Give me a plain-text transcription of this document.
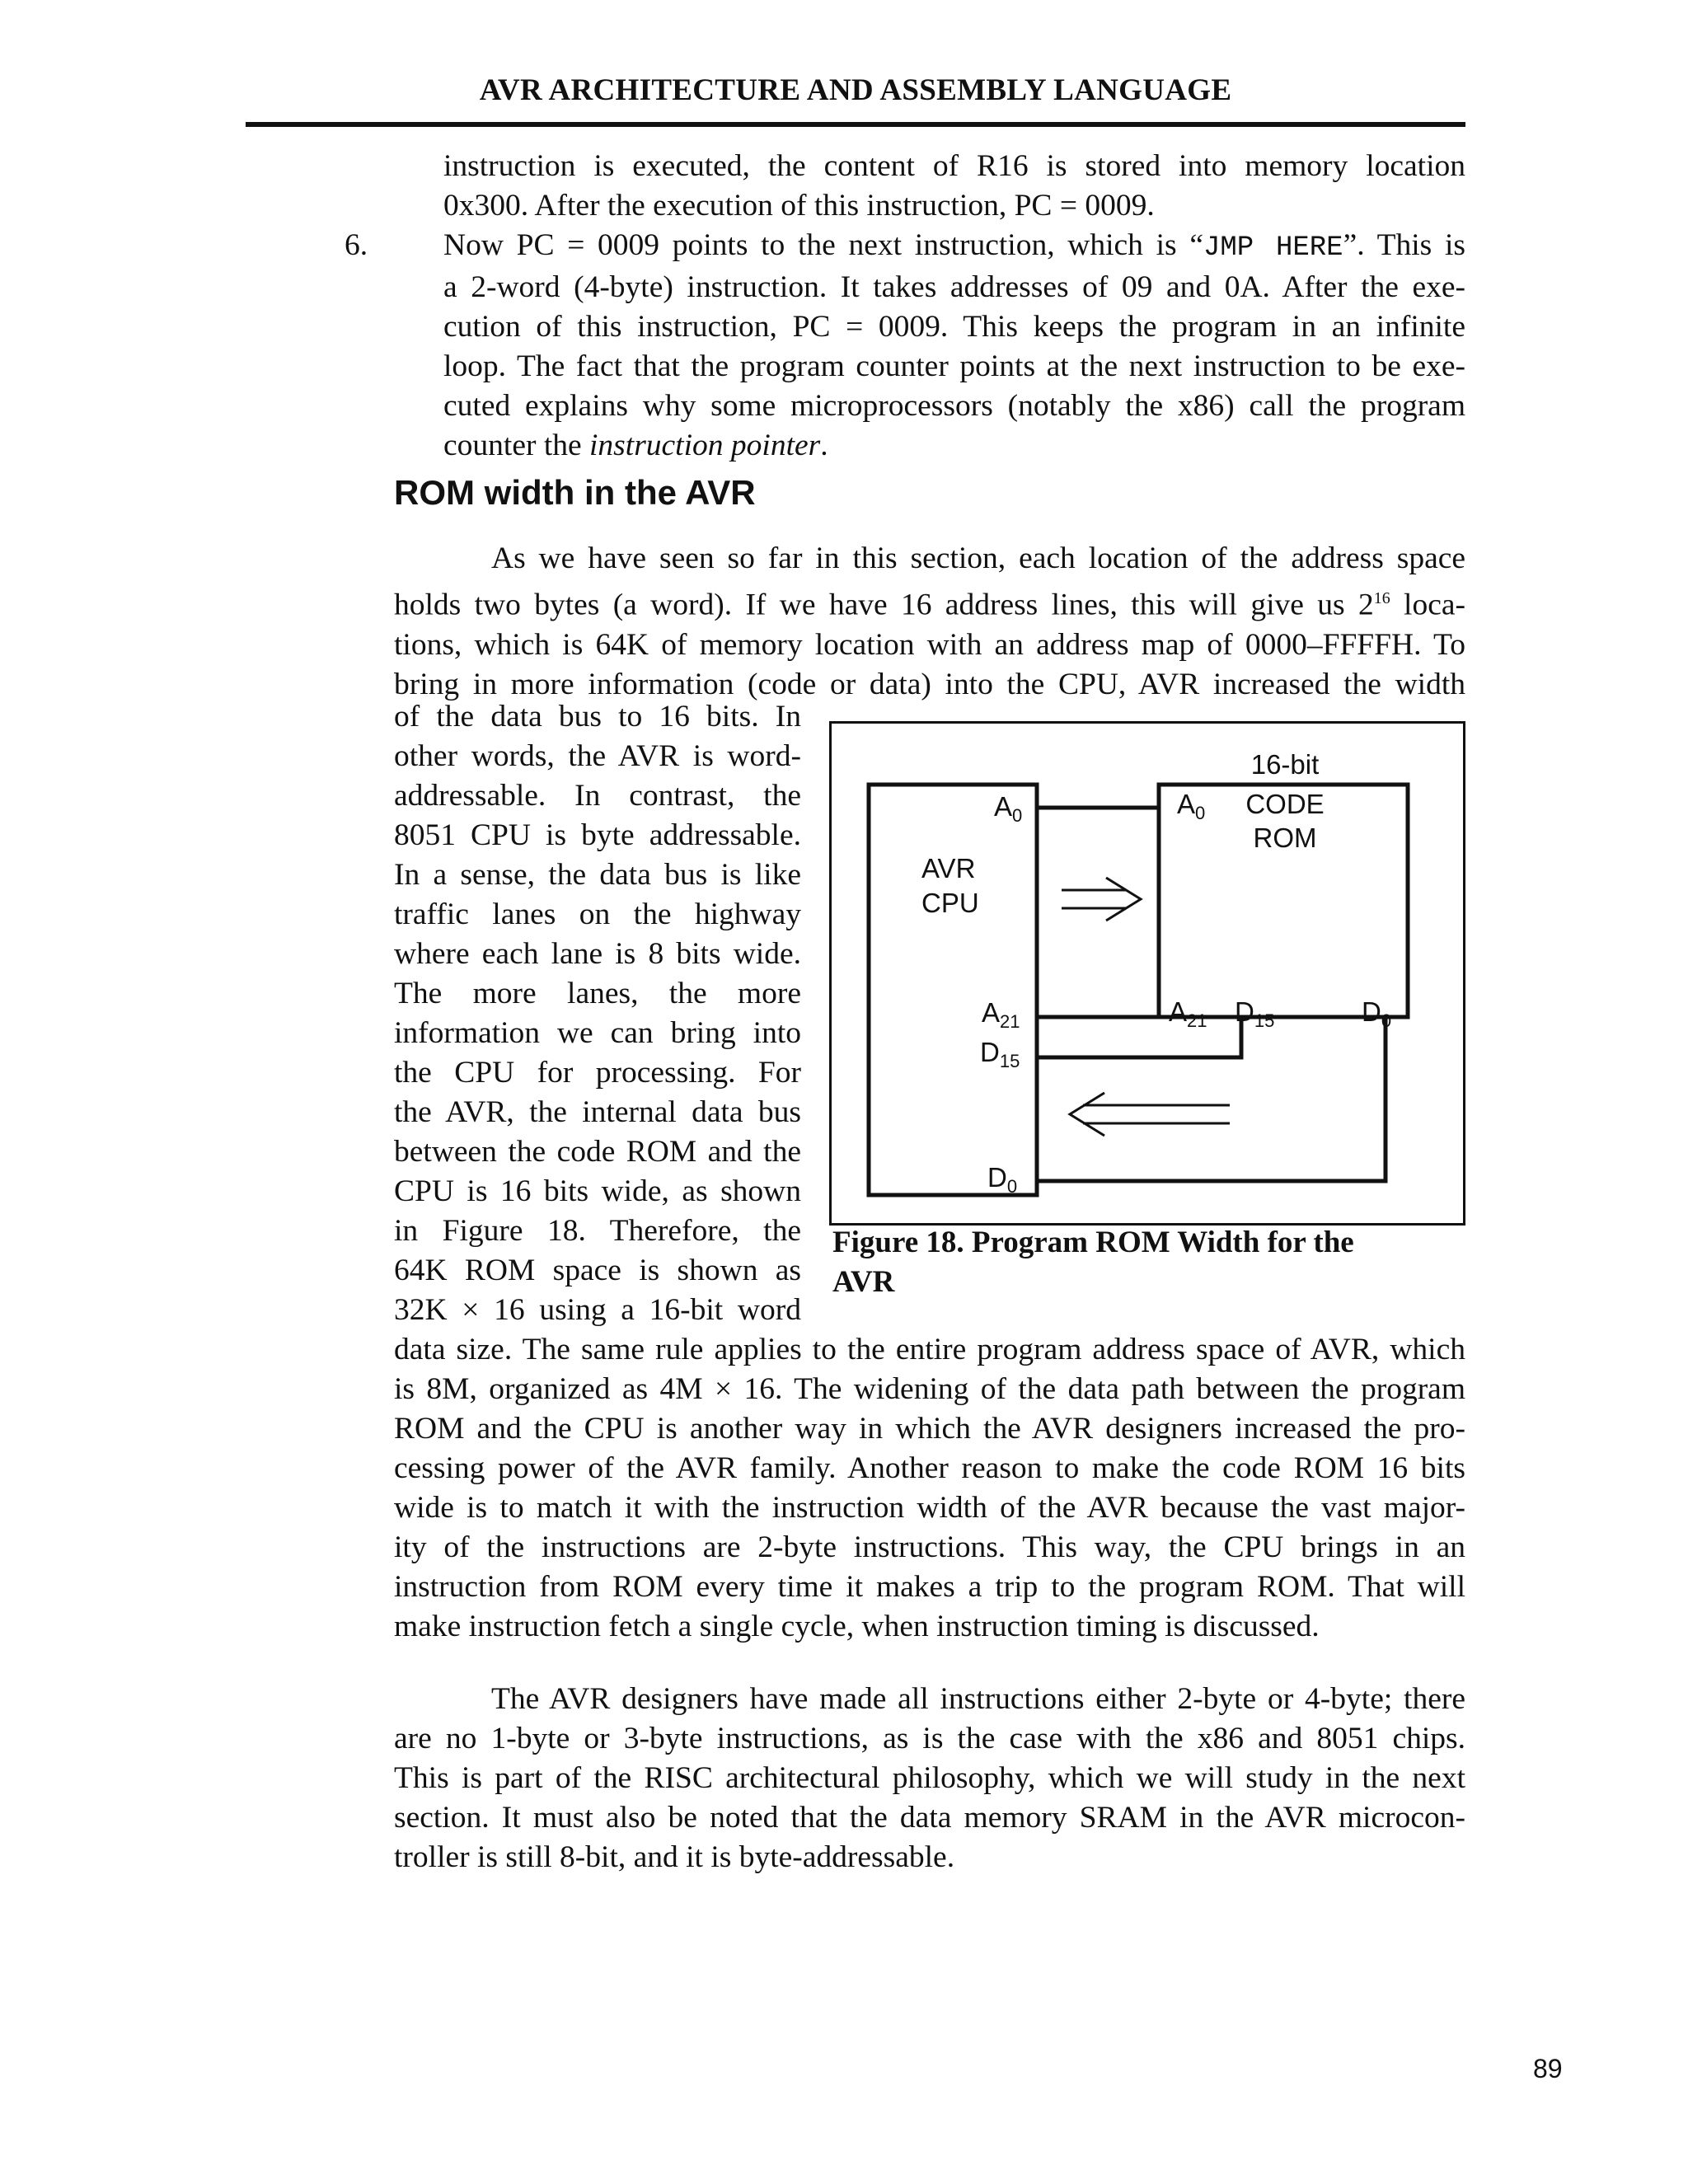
AVR ARCHITECTURE AND ASSEMBLY LANGUAGE
instruction is executed, the content of R16 is stored into memory location
0x300. After the execution of this instruction, PC = 0009.
6. Now PC = 0009 points to the next instruction, which is “JMP HERE”. This is
a 2-word (4-byte) instruction. It takes addresses of 09 and 0A. After the exe-
cution of this instruction, PC = 0009. This keeps the program in an infinite
loop. The fact that the program counter points at the next instruction to be exe-
cuted explains why some microprocessors (notably the x86) call the program
counter the instruction pointer.
ROM width in the AVR
As we have seen so far in this section, each location of the address space
holds two bytes (a word). If we have 16 address lines, this will give us $2^{16}$ loca-
tions, which is 64K of memory location with an address map of 0000–FFFFH. To
bring in more information (code or data) into the CPU, AVR increased the width
of the data bus to 16 bits. In
other words, the AVR is word-
addressable. In contrast, the
8051 CPU is byte addressable.
In a sense, the data bus is like
traffic lanes on the highway
where each lane is 8 bits wide.
The more lanes, the more
information we can bring into
the CPU for processing. For
the AVR, the internal data bus
between the code ROM and the
CPU is 16 bits wide, as shown
in Figure 18. Therefore, the
64K ROM space is shown as
32K × 16 using a 16-bit word
data size. The same rule applies to the entire program address space of AVR, which
is 8M, organized as 4M × 16. The widening of the data path between the program
ROM and the CPU is another way in which the AVR designers increased the pro-
cessing power of the AVR family. Another reason to make the code ROM 16 bits
wide is to match it with the instruction width of the AVR because the vast major-
ity of the instructions are 2-byte instructions. This way, the CPU brings in an
instruction from ROM every time it makes a trip to the program ROM. That will
make instruction fetch a single cycle, when instruction timing is discussed.
The AVR designers have made all instructions either 2-byte or 4-byte; there
are no 1-byte or 3-byte instructions, as is the case with the x86 and 8051 chips.
This is part of the RISC architectural philosophy, which we will study in the next
section. It must also be noted that the data memory SRAM in the AVR microcon-
troller is still 8-bit, and it is byte-addressable.
AVR
CPU
16-bit
CODE
ROM
$A_0$
$A_{21}$
$D_{15}$
$D_0$
$A_0$
$A_{21}$ $D_{15}$	$D_0$
Figure 18. Program ROM Width for the
AVR
89
